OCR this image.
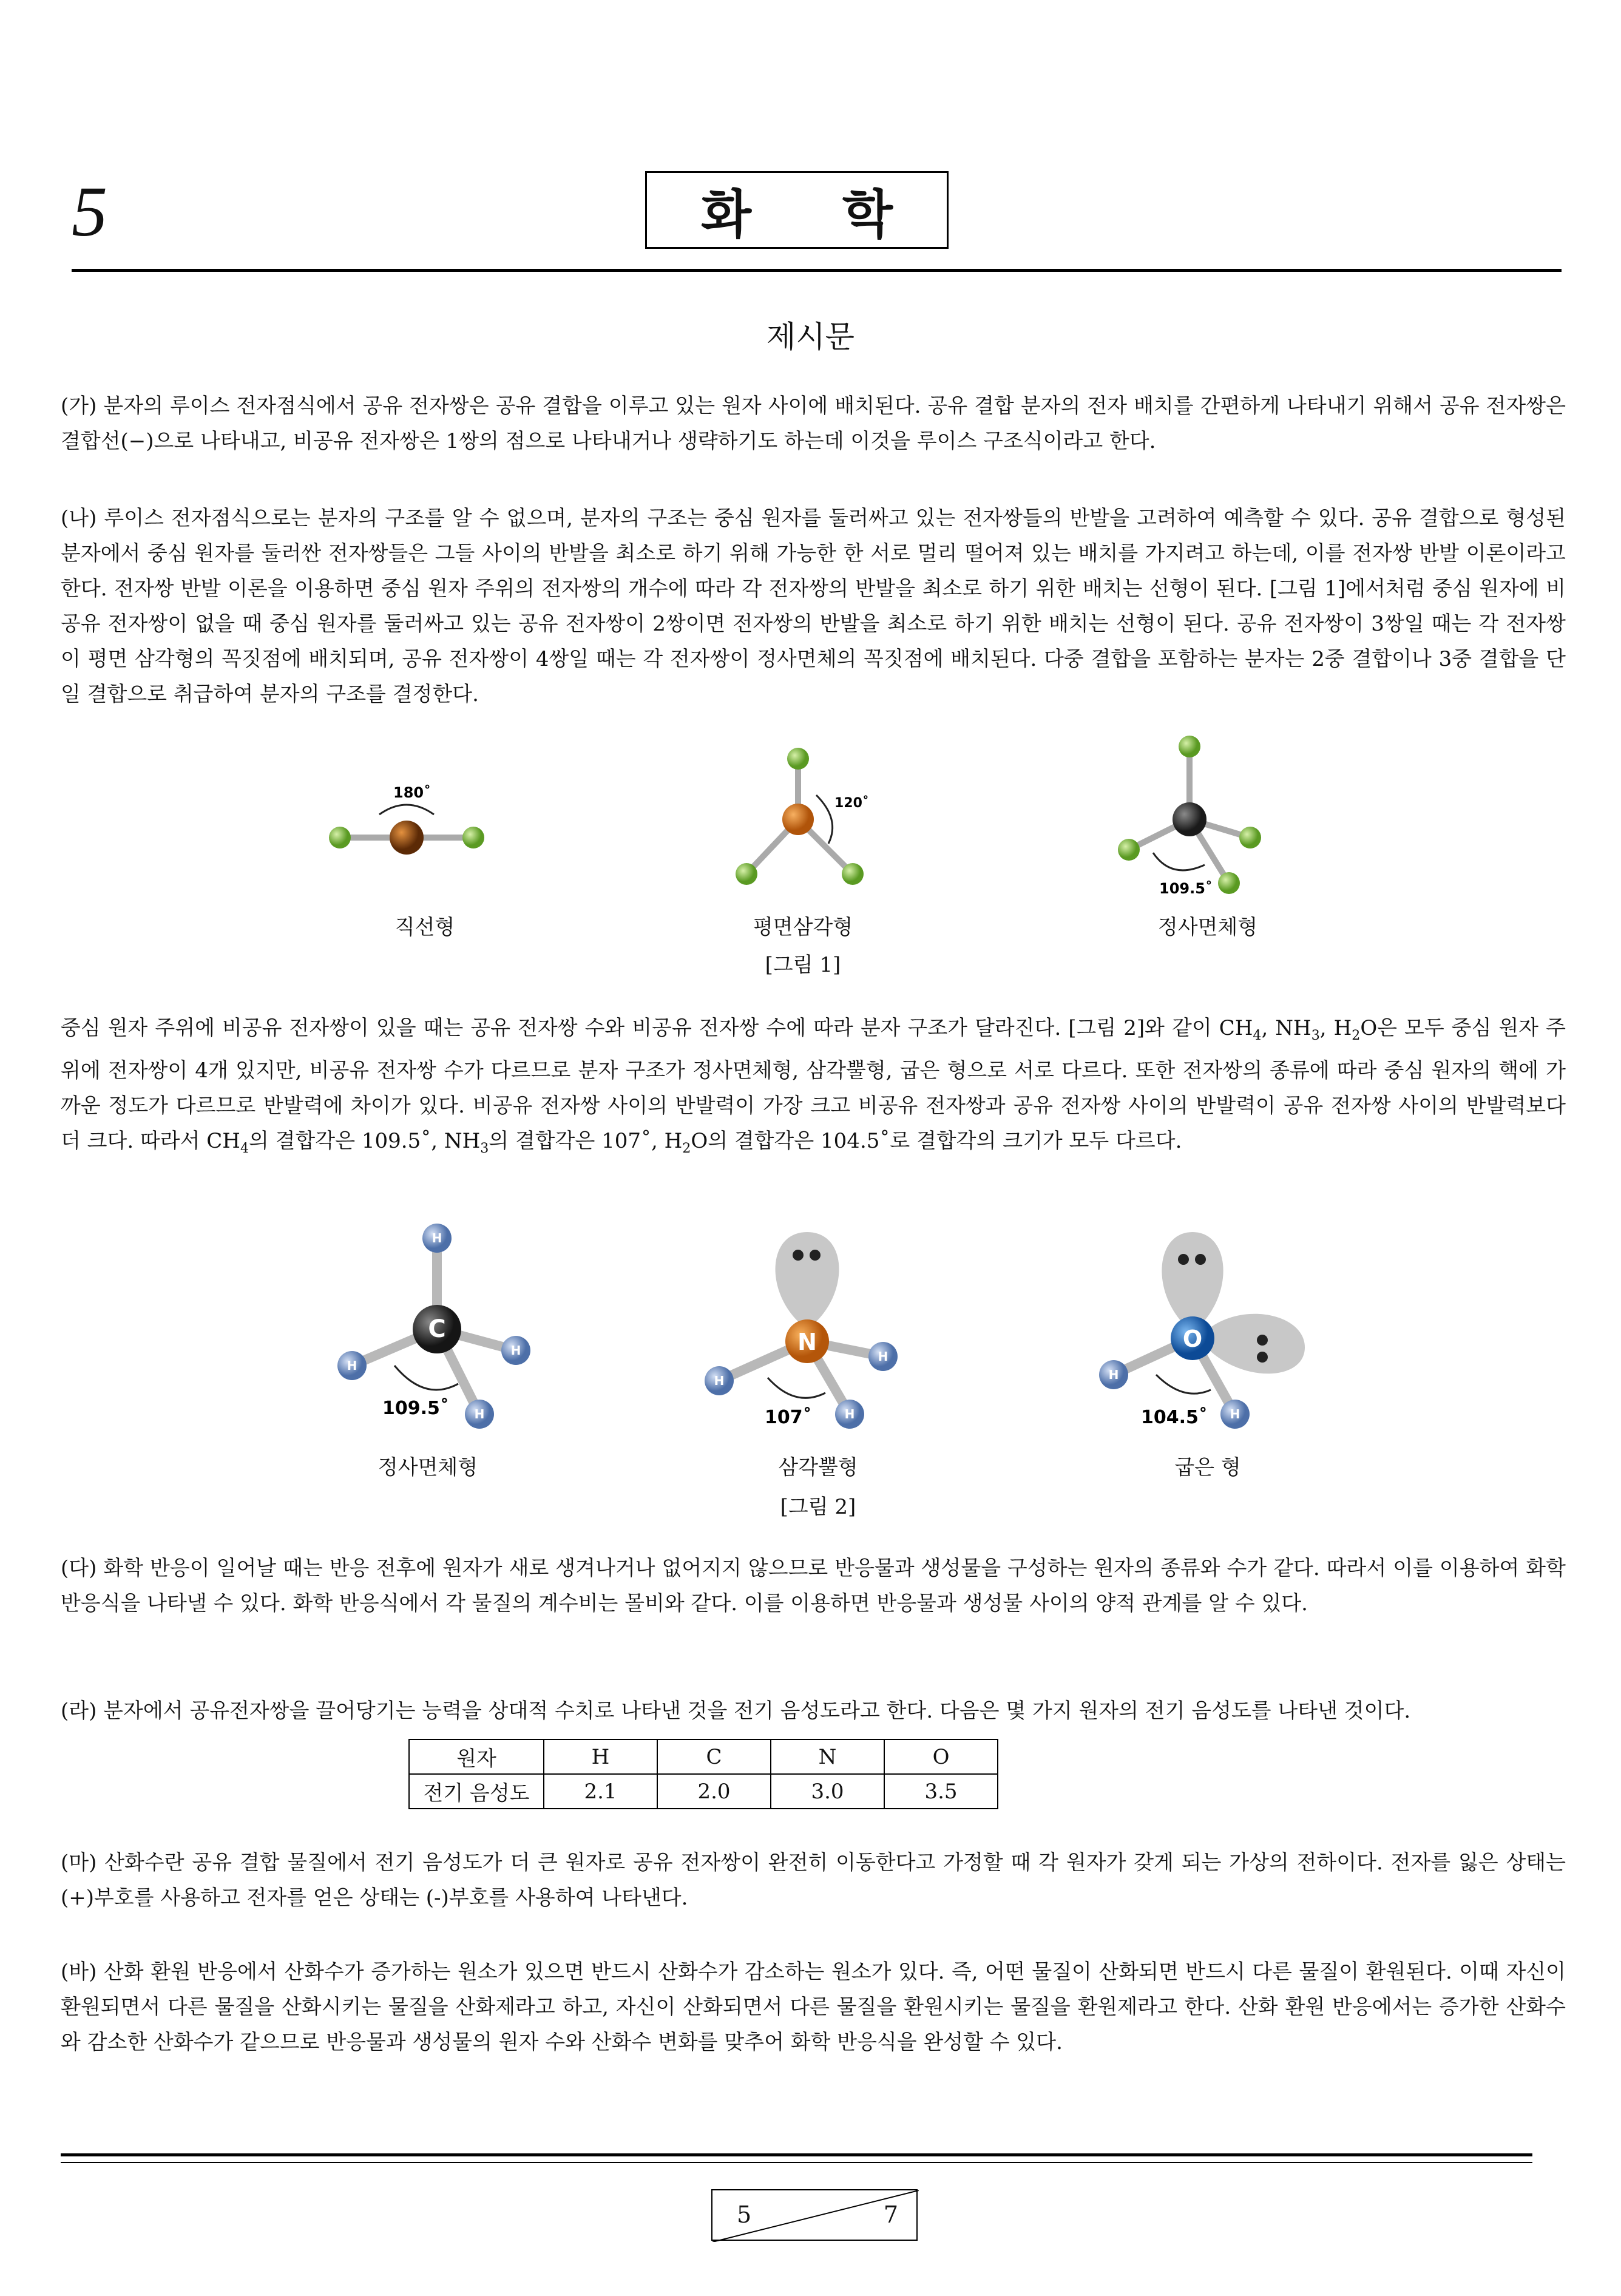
5	화 학
제시문
(가) 분자의 루이스 전자점식에서 공유 전자쌍은 공유 결합을 이루고 있는 원자 사이에 배치된다. 공유 결합 분자의 전자 배치를 간편하게 나타내기 위해서 공유 전자쌍은 결합선(−)으로 나타내고, 비공유 전자쌍은 1쌍의 점으로 나타내거나 생략하기도 하는데 이것을 루이스 구조식이라고 한다.
(나) 루이스 전자점식으로는 분자의 구조를 알 수 없으며, 분자의 구조는 중심 원자를 둘러싸고 있는 전자쌍들의 반발을 고려하여 예측할 수 있다. 공유 결합으로 형성된 분자에서 중심 원자를 둘러싼 전자쌍들은 그들 사이의 반발을 최소로 하기 위해 가능한 한 서로 멀리 떨어져 있는 배치를 가지려고 하는데, 이를 전자쌍 반발 이론이라고 한다. 전자쌍 반발 이론을 이용하면 중심 원자 주위의 전자쌍의 개수에 따라 각 전자쌍의 반발을 최소로 하기 위한 배치는 선형이 된다. [그림 1]에서처럼 중심 원자에 비공유 전자쌍이 없을 때 중심 원자를 둘러싸고 있는 공유 전자쌍이 2쌍이면 전자쌍의 반발을 최소로 하기 위한 배치는 선형이 된다. 공유 전자쌍이 3쌍일 때는 각 전자쌍이 평면 삼각형의 꼭짓점에 배치되며, 공유 전자쌍이 4쌍일 때는 각 전자쌍이 정사면체의 꼭짓점에 배치된다. 다중 결합을 포함하는 분자는 2중 결합이나 3중 결합을 단일 결합으로 취급하여 분자의 구조를 결정한다.
180˚
직선형
120˚
평면삼각형
[그림 1]
109.5˚
정사면체형
중심 원자 주위에 비공유 전자쌍이 있을 때는 공유 전자쌍 수와 비공유 전자쌍 수에 따라 분자 구조가 달라진다. [그림 2]와 같이 $CH_4$, $NH_3$, $H_2O$은 모두 중심 원자 주위에 전자쌍이 4개 있지만, 비공유 전자쌍 수가 다르므로 분자 구조가 정사면체형, 삼각뿔형, 굽은 형으로 서로 다르다. 또한 전자쌍의 종류에 따라 중심 원자의 핵에 가까운 정도가 다르므로 반발력에 차이가 있다. 비공유 전자쌍 사이의 반발력이 가장 크고 비공유 전자쌍과 공유 전자쌍 사이의 반발력이 공유 전자쌍 사이의 반발력보다 더 크다. 따라서 $CH_4$의 결합각은 109.5˚, $NH_3$의 결합각은 107˚, $H_2O$의 결합각은 104.5˚로 결합각의 크기가 모두 다르다.
H
H
H
H
C
109.5˚
정사면체형
H
H
H
N
107˚
삼각뿔형
[그림 2]
H
H
O
104.5˚
굽은 형
(다) 화학 반응이 일어날 때는 반응 전후에 원자가 새로 생겨나거나 없어지지 않으므로 반응물과 생성물을 구성하는 원자의 종류와 수가 같다. 따라서 이를 이용하여 화학 반응식을 나타낼 수 있다. 화학 반응식에서 각 물질의 계수비는 몰비와 같다. 이를 이용하면 반응물과 생성물 사이의 양적 관계를 알 수 있다.
(라) 분자에서 공유전자쌍을 끌어당기는 능력을 상대적 수치로 나타낸 것을 전기 음성도라고 한다. 다음은 몇 가지 원자의 전기 음성도를 나타낸 것이다.
원자	H	C	N	O
전기 음성도	2.1	2.0	3.0	3.5
(마) 산화수란 공유 결합 물질에서 전기 음성도가 더 큰 원자로 공유 전자쌍이 완전히 이동한다고 가정할 때 각 원자가 갖게 되는 가상의 전하이다. 전자를 잃은 상태는 (+)부호를 사용하고 전자를 얻은 상태는 (-)부호를 사용하여 나타낸다.
(바) 산화 환원 반응에서 산화수가 증가하는 원소가 있으면 반드시 산화수가 감소하는 원소가 있다. 즉, 어떤 물질이 산화되면 반드시 다른 물질이 환원된다. 이때 자신이 환원되면서 다른 물질을 산화시키는 물질을 산화제라고 하고, 자신이 산화되면서 다른 물질을 환원시키는 물질을 환원제라고 한다. 산화 환원 반응에서는 증가한 산화수와 감소한 산화수가 같으므로 반응물과 생성물의 원자 수와 산화수 변화를 맞추어 화학 반응식을 완성할 수 있다.
5	7
